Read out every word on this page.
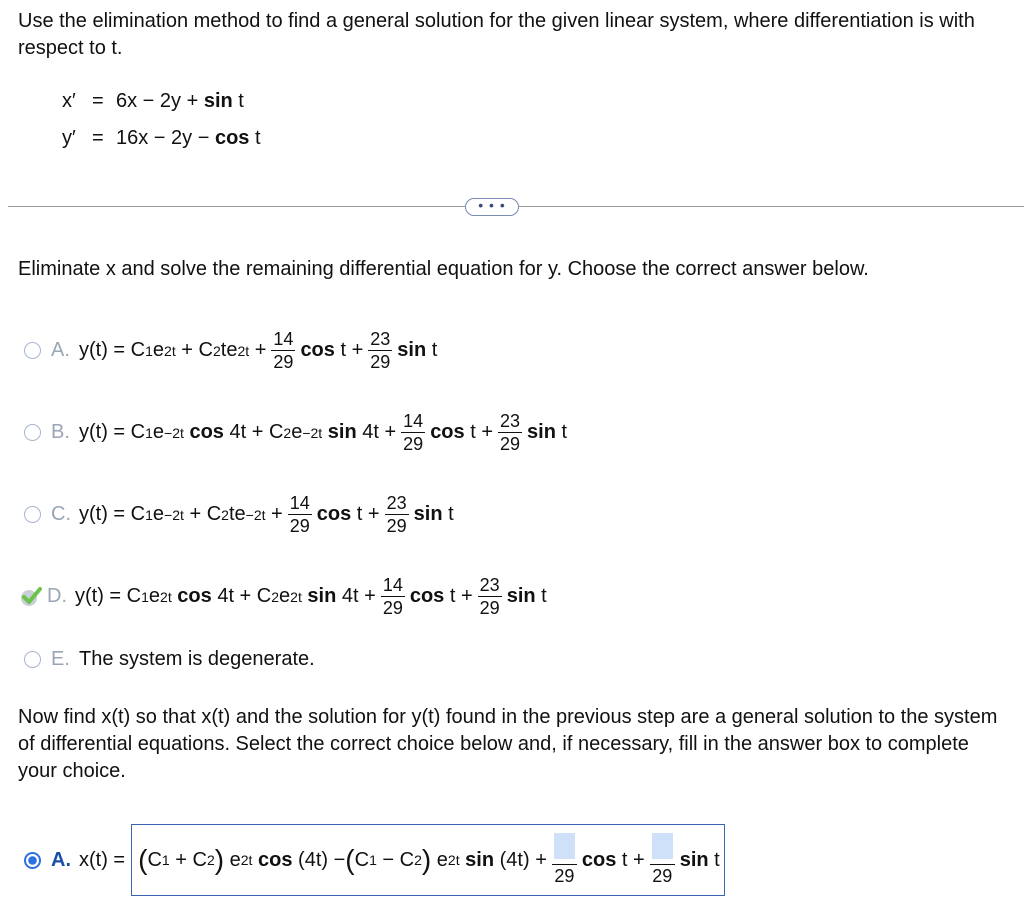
Use the elimination method to find a general solution for the given linear system, where differentiation is with respect to t.
x′ = 6x − 2y + sin t
y′ = 16x − 2y − cos t
• • •
Eliminate x and solve the remaining differential equation for y. Choose the correct answer below.
A. y(t) = C 1 e 2t + C 2 te $2t + \frac{14}{29}$ $\cos t + \frac{23}{29}$ sin t
B. y(t) = C 1 e −2t
cos 4t + C 2 e −2t
$\sin 4t + \frac{14}{29}$ $\cos t + \frac{23}{29}$ sin t
C. y(t) = C 1 e −2t + C 2 te $-2t + \frac{14}{29}$ $\cos t + \frac{23}{29}$ sin t
D. y(t) = C 1 e 2t
cos 4t + C 2 e 2t
$\sin 4t + \frac{14}{29}$ $\cos t + \frac{23}{29}$ sin t
E. The system is degenerate.
Now find x(t) so that x(t) and the solution for y(t) found in the previous step are a general solution to the system of differential equations. Select the correct choice below and, if necessary, fill in the answer box to complete your choice.
A. x(t) = ( C 1 + C 2 ) e 2t
cos (4t) − ( C 1 − C 2 ) e 2t
sin (4t) +
29
cos t +
29
sin t
